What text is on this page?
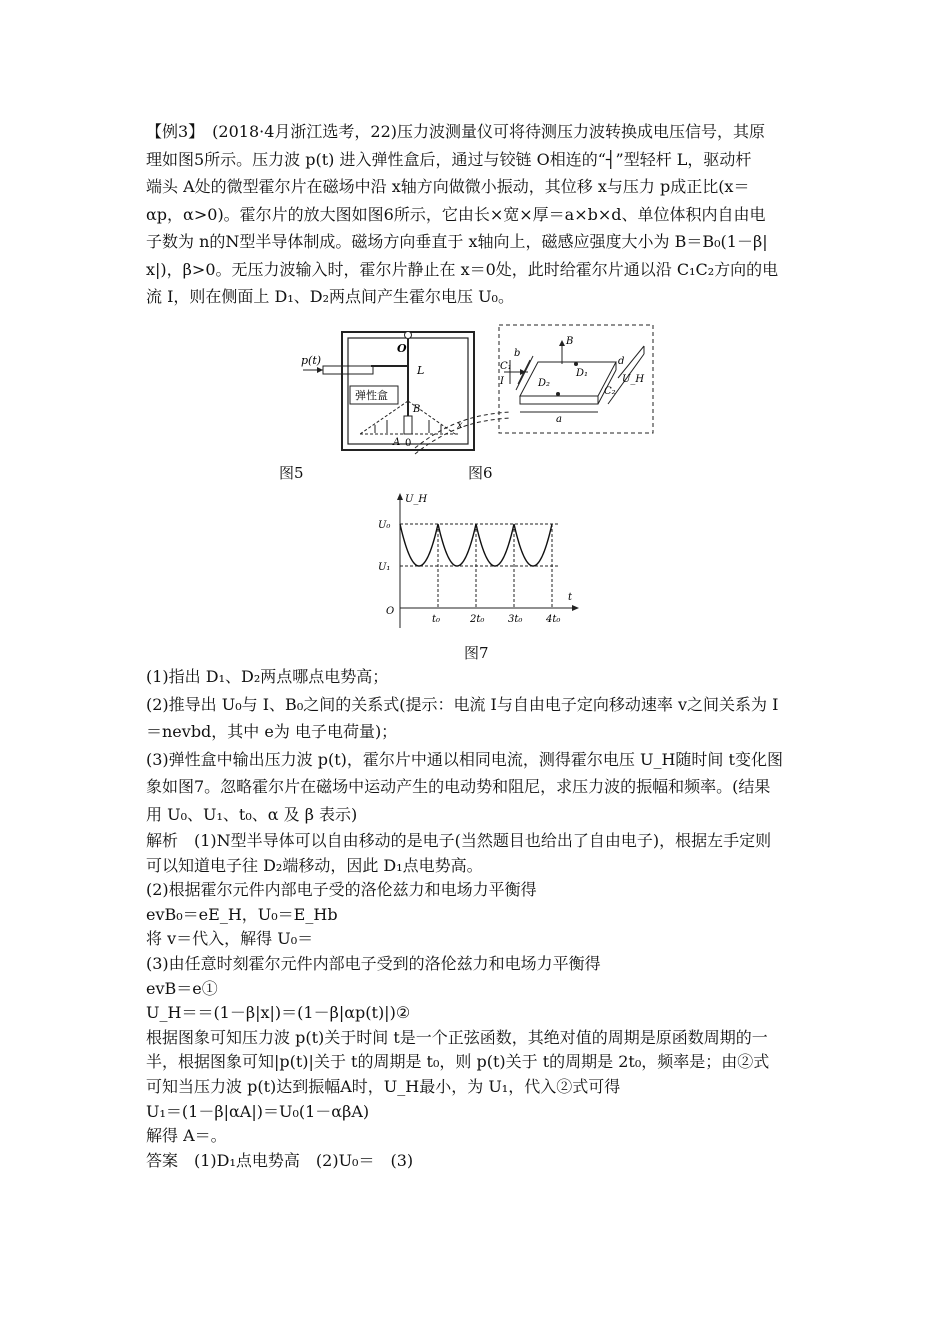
【例3】　(2018·4月浙江选考，22)压力波测量仪可将待测压力波转换成电压信号，其原
理如图5所示。压力波 p(t) 进入弹性盒后，通过与铰链 O相连的“┤”型轻杆 L，驱动杆
端头 A处的微型霍尔片在磁场中沿 x轴方向做微小振动，其位移 x与压力 p成正比(x＝
αp，α>0)。霍尔片的放大图如图6所示，它由长×宽×厚＝a×b×d、单位体积内自由电
子数为 n的N型半导体制成。磁场方向垂直于 x轴向上，磁感应强度大小为 B＝B₀(1－β|
x|)，β>0。无压力波输入时，霍尔片静止在 x＝0处，此时给霍尔片通以沿 C₁C₂方向的电
流 I，则在侧面上 D₁、D₂两点间产生霍尔电压 U₀。
p(t)
弹性盒
O
L
B
A 0
x
图5
B
b
d
C₁
I
D₁
D₂
C₂
U_H
a
图6
U_H
t
O
U₀
U₁
t₀	2t₀ 3t₀ 4t₀
图7
(1)指出 D₁、D₂两点哪点电势高；
(2)推导出 U₀与 I、B₀之间的关系式(提示：电流 I与自由电子定向移动速率 v之间关系为 I
＝nevbd，其中 e为 电子电荷量)；
(3)弹性盒中输出压力波 p(t)，霍尔片中通以相同电流，测得霍尔电压 U_H随时间 t变化图
象如图7。忽略霍尔片在磁场中运动产生的电动势和阻尼，求压力波的振幅和频率。(结果
用 U₀、U₁、t₀、α 及 β 表示)
解析　(1)N型半导体可以自由移动的是电子(当然题目也给出了自由电子)，根据左手定则
可以知道电子往 D₂端移动，因此 D₁点电势高。
(2)根据霍尔元件内部电子受的洛伦兹力和电场力平衡得
evB₀＝eE_H，U₀＝E_Hb
将 v＝代入，解得 U₀＝
(3)由任意时刻霍尔元件内部电子受到的洛伦兹力和电场力平衡得
evB＝e①
U_H＝＝(1－β|x|)＝(1－β|αp(t)|)②
根据图象可知压力波 p(t)关于时间 t是一个正弦函数，其绝对值的周期是原函数周期的一
半，根据图象可知|p(t)|关于 t的周期是 t₀，则 p(t)关于 t的周期是 2t₀，频率是；由②式
可知当压力波 p(t)达到振幅A时，U_H最小，为 U₁，代入②式可得
U₁＝(1－β|αA|)＝U₀(1－αβA)
解得 A＝。
答案　(1)D₁点电势高　(2)U₀＝　(3)
